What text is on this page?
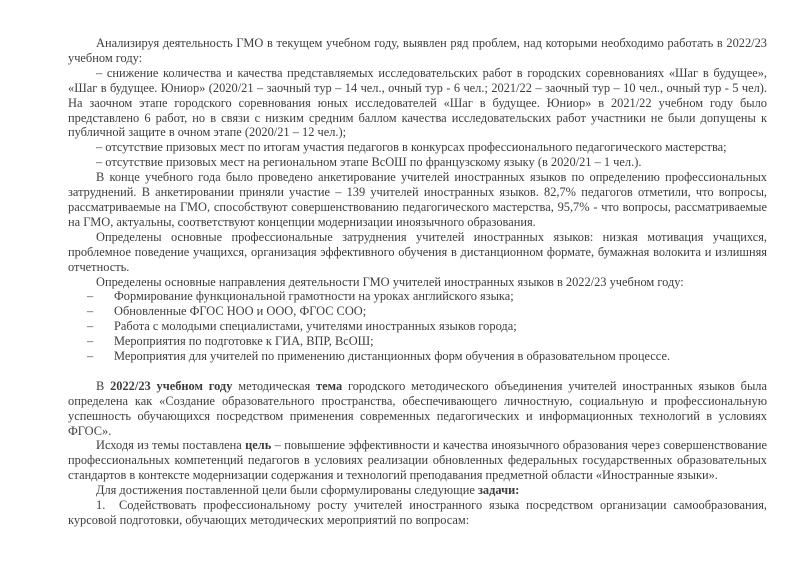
Анализируя деятельность ГМО в текущем учебном году, выявлен ряд проблем, над которыми необходимо работать в 2022/23 учебном году:

– снижение количества и качества представляемых исследовательских работ в городских соревнованиях «Шаг в будущее», «Шаг в будущее. Юниор» (2020/21 – заочный тур – 14 чел., очный тур - 6 чел.; 2021/22 – заочный тур – 10 чел., очный тур - 5 чел). На заочном этапе городского соревнования юных исследователей «Шаг в будущее. Юниор» в 2021/22 учебном году было представлено 6 работ, но в связи с низким средним баллом качества исследовательских работ участники не были допущены к публичной защите в очном этапе (2020/21 – 12 чел.);

– отсутствие призовых мест по итогам участия педагогов в конкурсах профессионального педагогического мастерства;

– отсутствие призовых мест на региональном этапе ВсОШ по французскому языку (в 2020/21 – 1 чел.).

В конце учебного года было проведено анкетирование учителей иностранных языков по определению профессиональных затруднений. В анкетировании приняли участие – 139 учителей иностранных языков. 82,7% педагогов отметили, что вопросы, рассматриваемые на ГМО, способствуют совершенствованию педагогического мастерства, 95,7% - что вопросы, рассматриваемые на ГМО, актуальны, соответствуют концепции модернизации иноязычного образования.

Определены основные профессиональные затруднения учителей иностранных языков: низкая мотивация учащихся, проблемное поведение учащихся, организация эффективного обучения в дистанционном формате, бумажная волокита и излишняя отчетность.

Определены основные направления деятельности ГМО учителей иностранных языков в 2022/23 учебном году:

– Формирование функциональной грамотности на уроках английского языка;

– Обновленные ФГОС НОО и ООО, ФГОС СОО;

– Работа с молодыми специалистами, учителями иностранных языков города;

– Мероприятия по подготовке к ГИА, ВПР, ВсОШ;

– Мероприятия для учителей по применению дистанционных форм обучения в образовательном процессе.

В 2022/23 учебном году методическая тема городского методического объединения учителей иностранных языков была определена как «Создание образовательного пространства, обеспечивающего личностную, социальную и профессиональную успешность обучающихся посредством применения современных педагогических и информационных технологий в условиях ФГОС».

Исходя из темы поставлена цель – повышение эффективности и качества иноязычного образования через совершенствование профессиональных компетенций педагогов в условиях реализации обновленных федеральных государственных образовательных стандартов в контексте модернизации содержания и технологий преподавания предметной области «Иностранные языки».

Для достижения поставленной цели были сформулированы следующие задачи:

1.  Содействовать профессиональному росту учителей иностранного языка посредством организации самообразования, курсовой подготовки, обучающих методических мероприятий по вопросам:
